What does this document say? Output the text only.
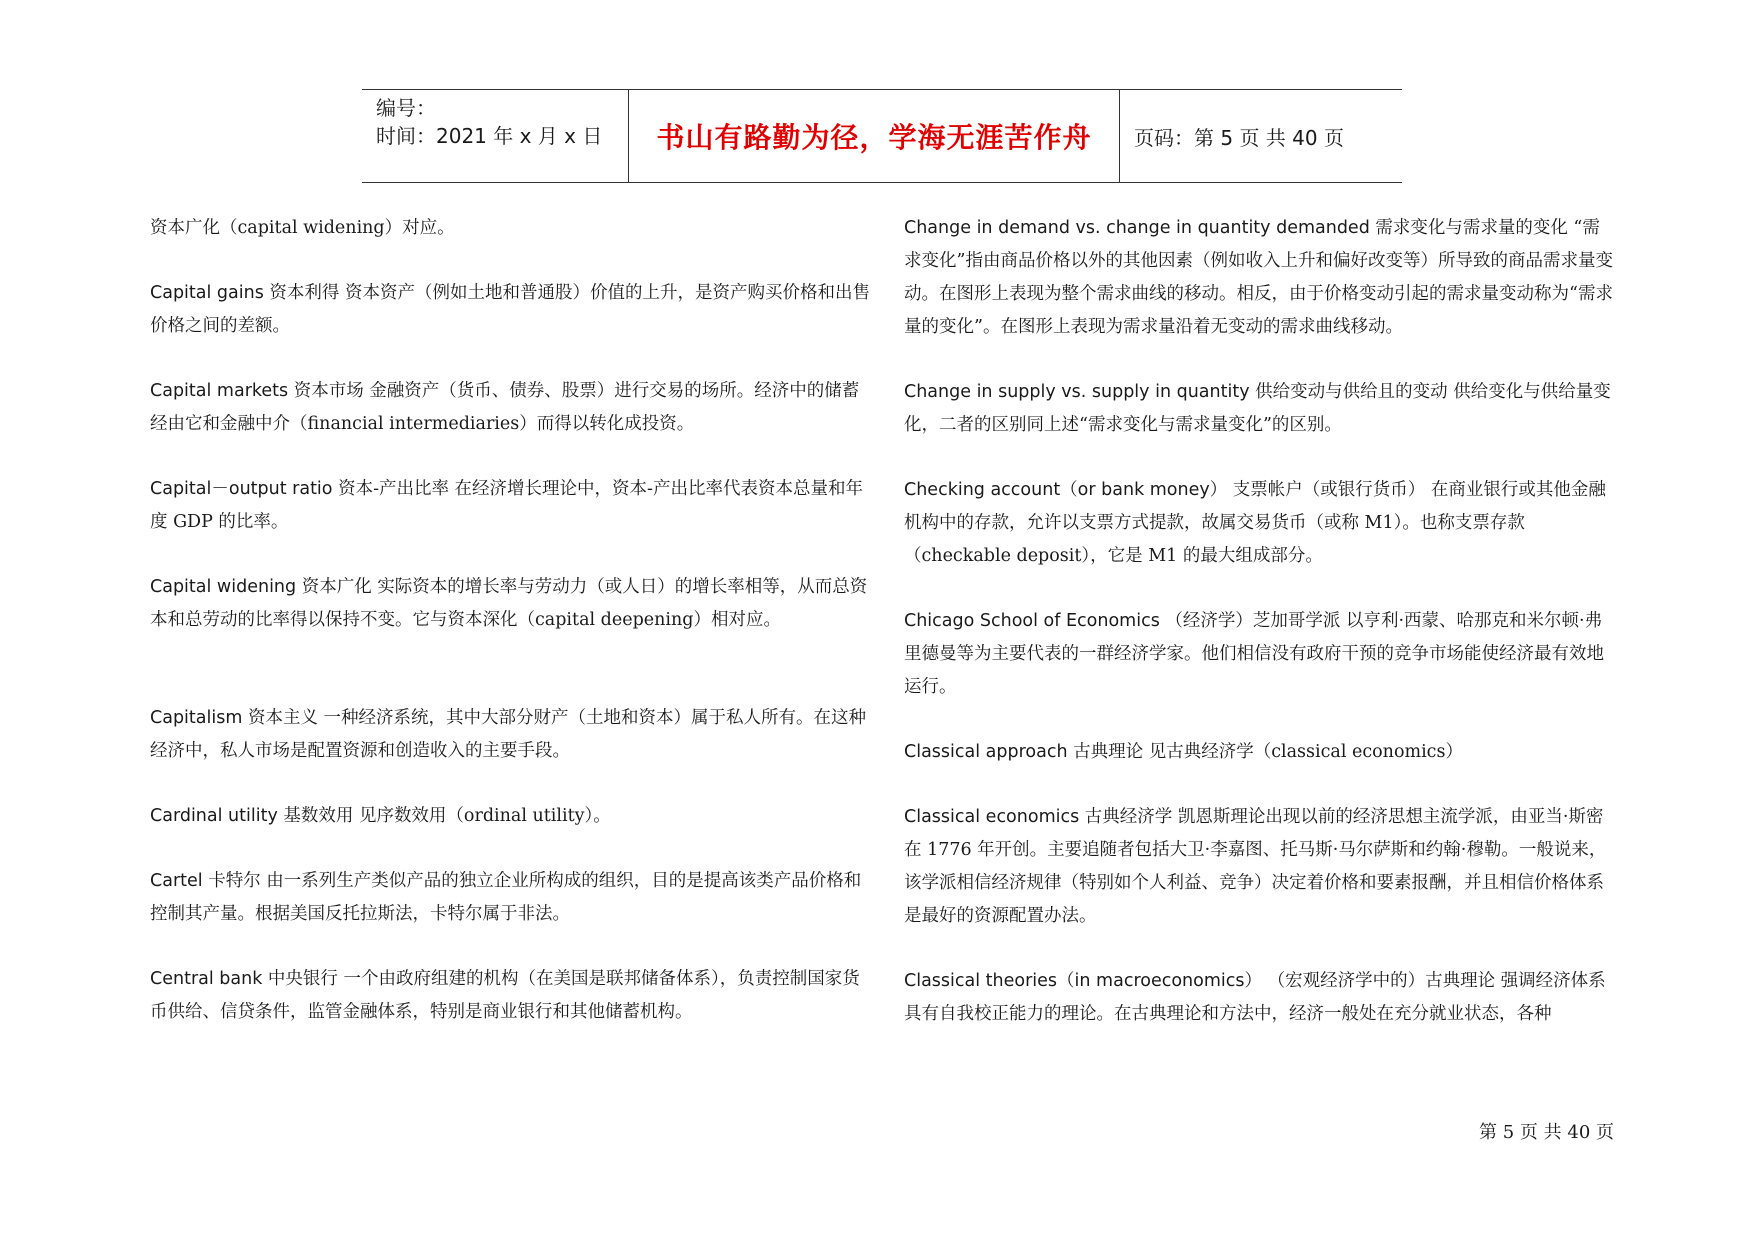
编号：
时间：2021 年 x 月 x 日	书山有路勤为径，学海无涯苦作舟	页码：第 5 页 共 40 页
资本广化（capital widening）对应。
Capital gains 资本利得 资本资产（例如土地和普通股）价值的上升，是资产购买价格和出售价格之间的差额。
Capital markets 资本市场 金融资产（货币、债券、股票）进行交易的场所。经济中的储蓄经由它和金融中介（financial intermediaries）而得以转化成投资。
Capital－output ratio 资本-产出比率 在经济增长理论中，资本-产出比率代表资本总量和年度 GDP 的比率。
Capital widening 资本广化 实际资本的增长率与劳动力（或人日）的增长率相等，从而总资本和总劳动的比率得以保持不变。它与资本深化（capital deepening）相对应。
Capitalism 资本主义 一种经济系统，其中大部分财产（土地和资本）属于私人所有。在这种经济中，私人市场是配置资源和创造收入的主要手段。
Cardinal utility 基数效用 见序数效用（ordinal utility）。
Cartel 卡特尔 由一系列生产类似产品的独立企业所构成的组织，目的是提高该类产品价格和控制其产量。根据美国反托拉斯法，卡特尔属于非法。
Central bank 中央银行 一个由政府组建的机构（在美国是联邦储备体系），负责控制国家货币供给、信贷条件，监管金融体系，特别是商业银行和其他储蓄机构。
Change in demand vs. change in quantity demanded 需求变化与需求量的变化 “需求变化”指由商品价格以外的其他因素（例如收入上升和偏好改变等）所导致的商品需求量变动。在图形上表现为整个需求曲线的移动。相反，由于价格变动引起的需求量变动称为“需求量的变化”。在图形上表现为需求量沿着无变动的需求曲线移动。
Change in supply vs. supply in quantity 供给变动与供给且的变动 供给变化与供给量变化，二者的区别同上述“需求变化与需求量变化”的区别。
Checking account（or bank money） 支票帐户（或银行货币） 在商业银行或其他金融机构中的存款，允许以支票方式提款，故属交易货币（或称 M1）。也称支票存款（checkable deposit），它是 M1 的最大组成部分。
Chicago School of Economics （经济学）芝加哥学派 以亨利·西蒙、哈那克和米尔顿·弗里德曼等为主要代表的一群经济学家。他们相信没有政府干预的竞争市场能使经济最有效地运行。
Classical approach 古典理论 见古典经济学（classical economics）
Classical economics 古典经济学 凯恩斯理论出现以前的经济思想主流学派，由亚当·斯密在 1776 年开创。主要追随者包括大卫·李嘉图、托马斯·马尔萨斯和约翰·穆勒。一般说来，该学派相信经济规律（特别如个人利益、竞争）决定着价格和要素报酬，并且相信价格体系是最好的资源配置办法。
Classical theories（in macroeconomics） （宏观经济学中的）古典理论 强调经济体系具有自我校正能力的理论。在古典理论和方法中，经济一般处在充分就业状态，各种
第 5 页 共 40 页
